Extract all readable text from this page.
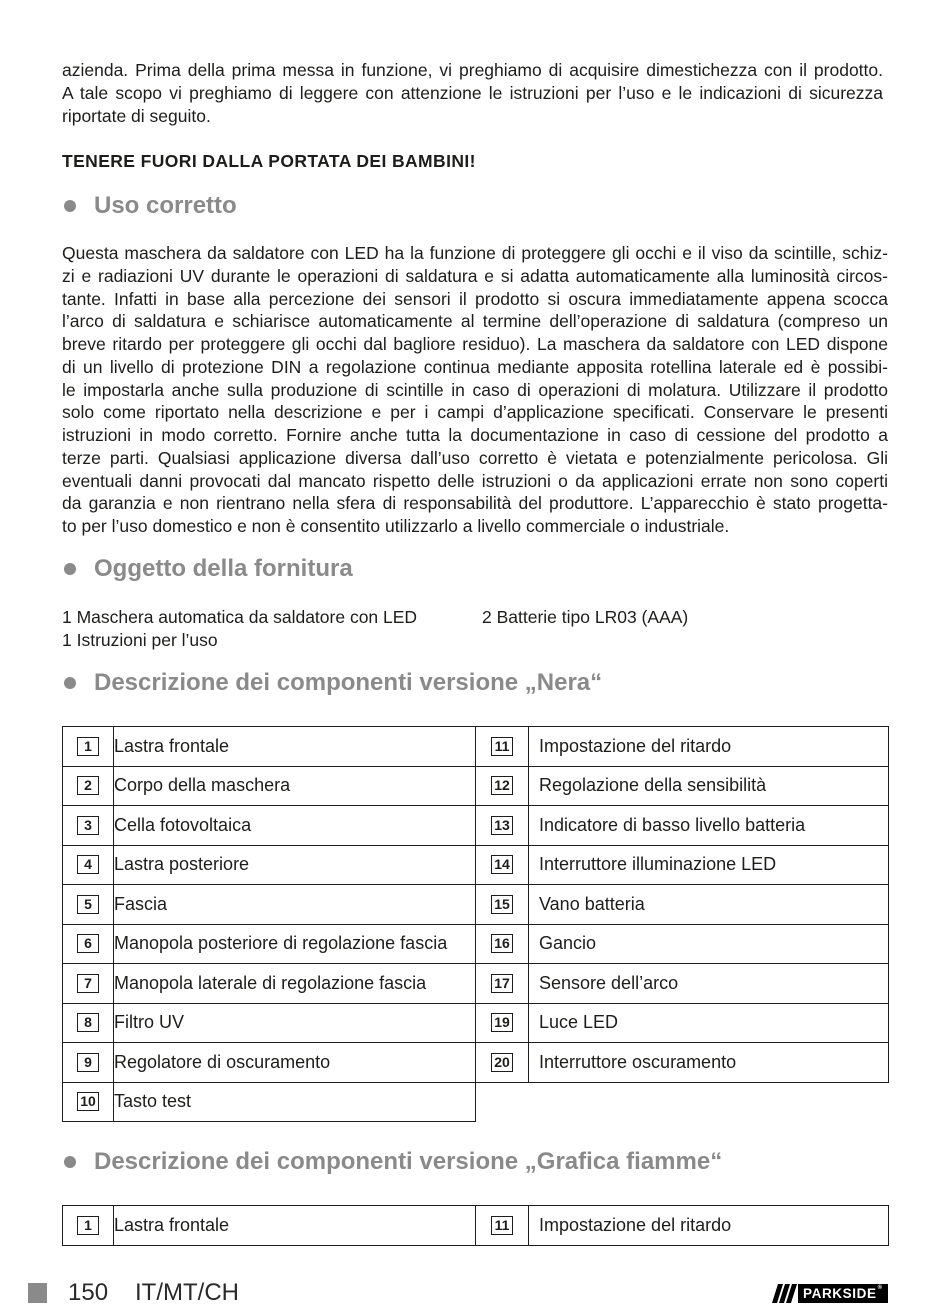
azienda. Prima della prima messa in funzione, vi preghiamo di acquisire dimestichezza con il prodotto.
A tale scopo vi preghiamo di leggere con attenzione le istruzioni per l’uso e le indicazioni di sicurezza
riportate di seguito.
TENERE FUORI DALLA PORTATA DEI BAMBINI!
Uso corretto
Questa maschera da saldatore con LED ha la funzione di proteggere gli occhi e il viso da scintille, schiz-
zi e radiazioni UV durante le operazioni di saldatura e si adatta automaticamente alla luminosità circos-
tante. Infatti in base alla percezione dei sensori il prodotto si oscura immediatamente appena scocca
l’arco di saldatura e schiarisce automaticamente al termine dell’operazione di saldatura (compreso un
breve ritardo per proteggere gli occhi dal bagliore residuo). La maschera da saldatore con LED dispone
di un livello di protezione DIN a regolazione continua mediante apposita rotellina laterale ed è possibi-
le impostarla anche sulla produzione di scintille in caso di operazioni di molatura. Utilizzare il prodotto
solo come riportato nella descrizione e per i campi d’applicazione specificati. Conservare le presenti
istruzioni in modo corretto. Fornire anche tutta la documentazione in caso di cessione del prodotto a
terze parti. Qualsiasi applicazione diversa dall’uso corretto è vietata e potenzialmente pericolosa. Gli
eventuali danni provocati dal mancato rispetto delle istruzioni o da applicazioni errate non sono coperti
da garanzia e non rientrano nella sfera di responsabilità del produttore. L’apparecchio è stato progetta-
to per l’uso domestico e non è consentito utilizzarlo a livello commerciale o industriale.
Oggetto della fornitura
1 Maschera automatica da saldatore con LED	2 Batterie tipo LR03 (AAA)
1 Istruzioni per l’uso
Descrizione dei componenti versione „Nera“
1	Lastra frontale	11	Impostazione del ritardo
2	Corpo della maschera	12	Regolazione della sensibilità
3	Cella fotovoltaica	13	Indicatore di basso livello batteria
4	Lastra posteriore	14	Interruttore illuminazione LED
5	Fascia	15	Vano batteria
6	Manopola posteriore di regolazione fascia	16	Gancio
7	Manopola laterale di regolazione fascia	17	Sensore dell’arco
8	Filtro UV	19	Luce LED
9	Regolatore di oscuramento	20	Interruttore oscuramento
10	Tasto test		
Descrizione dei componenti versione „Grafica fiamme“
1	Lastra frontale	11	Impostazione del ritardo
150 IT/MT/CH	PARKSIDE®
